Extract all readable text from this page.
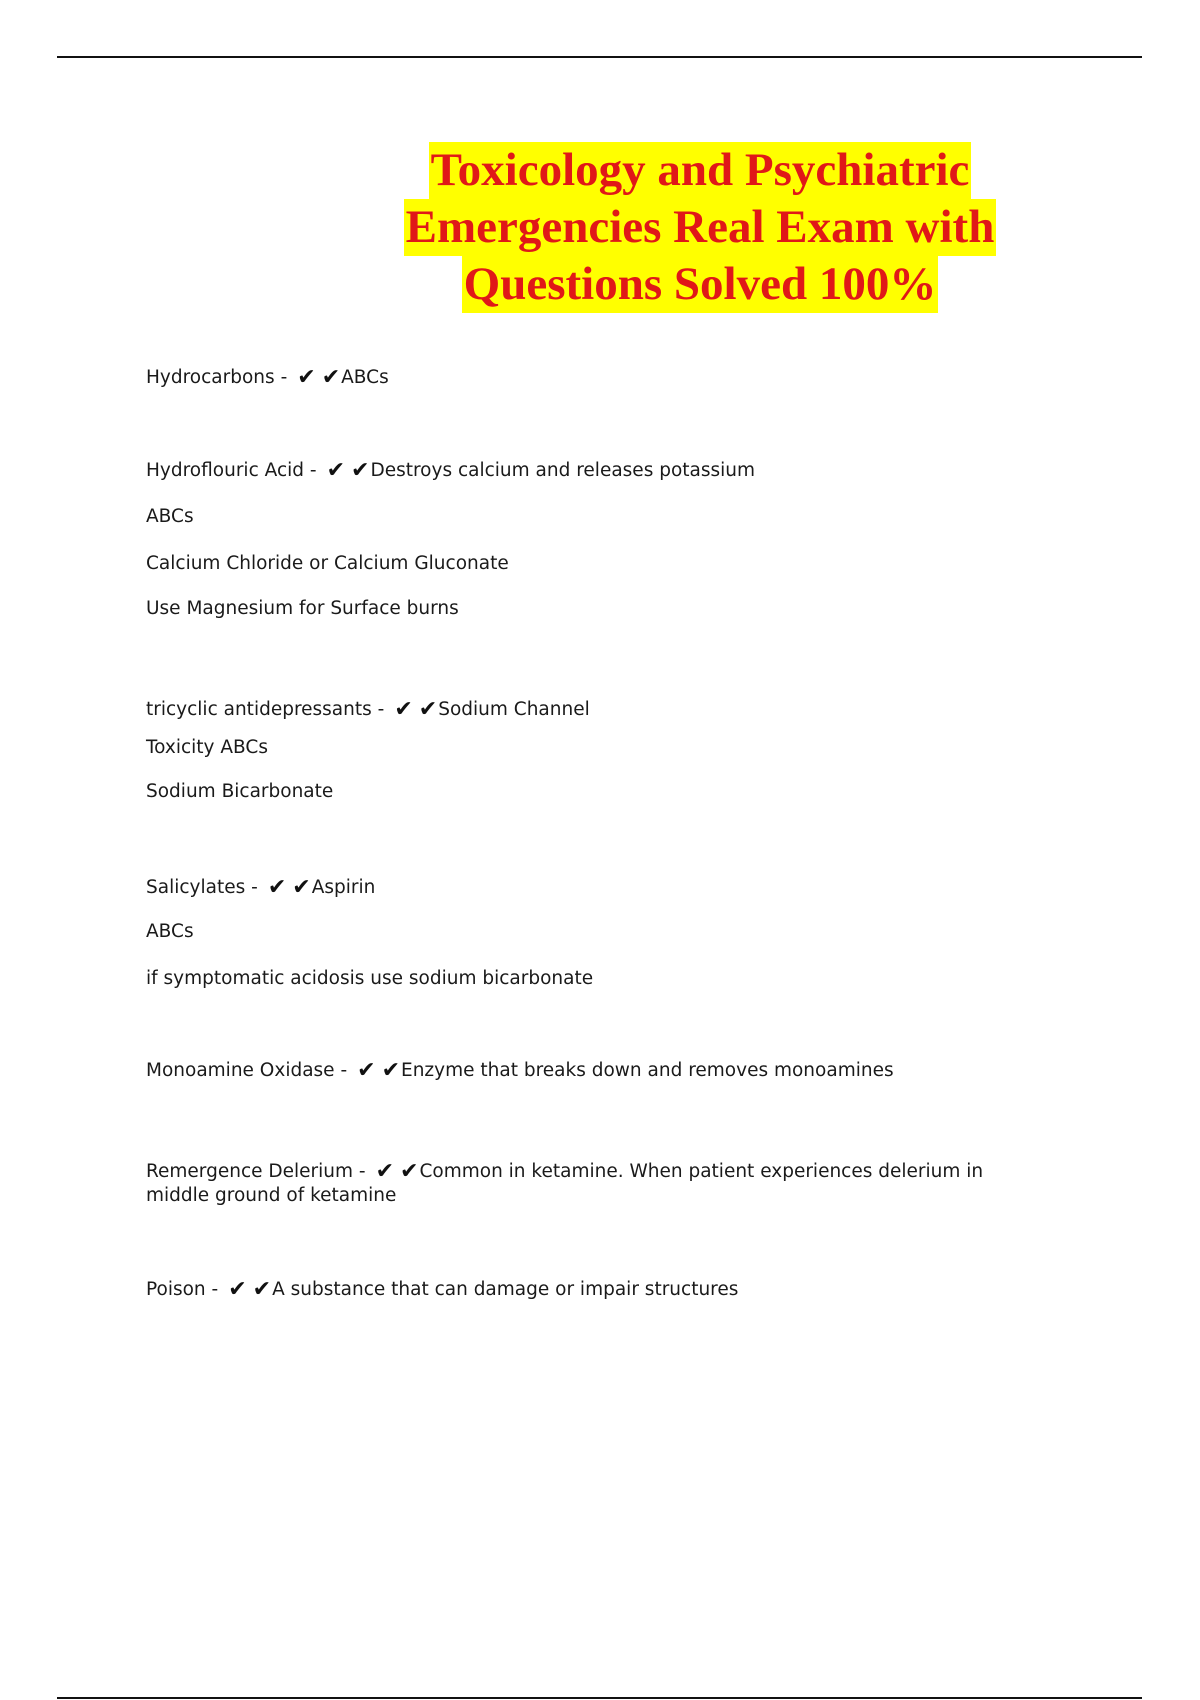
Toxicology and Psychiatric
Emergencies Real Exam with
Questions Solved 100%
Hydrocarbons - ✔ ✔ABCs
Hydroflouric Acid - ✔ ✔Destroys calcium and releases potassium
ABCs
Calcium Chloride or Calcium Gluconate
Use Magnesium for Surface burns
tricyclic antidepressants - ✔ ✔Sodium Channel
Toxicity ABCs
Sodium Bicarbonate
Salicylates - ✔ ✔Aspirin
ABCs
if symptomatic acidosis use sodium bicarbonate
Monoamine Oxidase - ✔ ✔Enzyme that breaks down and removes monoamines
Remergence Delerium - ✔ ✔Common in ketamine. When patient experiences delerium in
middle ground of ketamine
Poison - ✔ ✔A substance that can damage or impair structures
